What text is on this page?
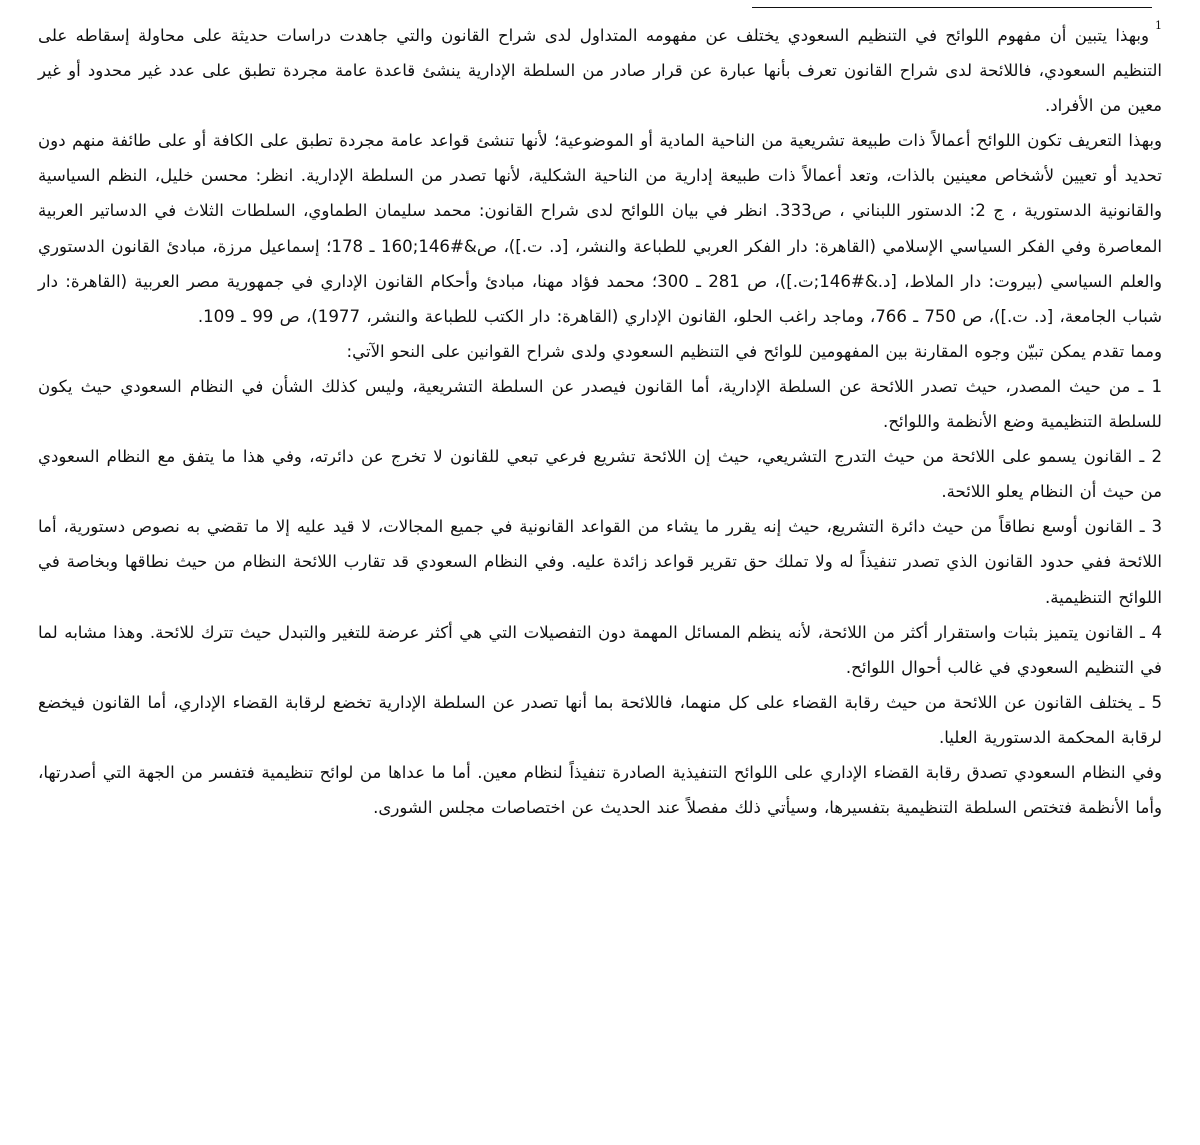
1وبهذا يتبين أن مفهوم اللوائح في التنظيم السعودي يختلف عن مفهومه المتداول لدى شراح القانون والتي جاهدت دراسات حديثة على محاولة إسقاطه على التنظيم السعودي، فاللائحة لدى شراح القانون تعرف بأنها عبارة عن قرار صادر من السلطة الإدارية ينشئ قاعدة عامة مجردة تطبق على عدد غير محدود أو غير معين من الأفراد.

وبهذا التعريف تكون اللوائح أعمالاً ذات طبيعة تشريعية من الناحية المادية أو الموضوعية؛ لأنها تنشئ قواعد عامة مجردة تطبق على الكافة أو على طائفة منهم دون تحديد أو تعيين لأشخاص معينين بالذات، وتعد أعمالاً ذات طبيعة إدارية من الناحية الشكلية، لأنها تصدر من السلطة الإدارية. انظر: محسن خليل، النظم السياسية والقانونية الدستورية ، ج 2: الدستور اللبناني ، ص333. انظر في بيان اللوائح لدى شراح القانون: محمد سليمان الطماوي، السلطات الثلاث في الدساتير العربية المعاصرة وفي الفكر السياسي الإسلامي (القاهرة: دار الفكر العربي للطباعة والنشر، [د. ت.])، ص&#146;160 ـ 178؛ إسماعيل مرزة، مبادئ القانون الدستوري والعلم السياسي (بيروت: دار الملاط، [د.&#146;ت.])، ص 281 ـ 300؛ محمد فؤاد مهنا، مبادئ وأحكام القانون الإداري في جمهورية مصر العربية (القاهرة: دار شباب الجامعة، [د. ت.])، ص 750 ـ 766، وماجد راغب الحلو، القانون الإداري (القاهرة: دار الكتب للطباعة والنشر، 1977)، ص 99 ـ 109.

ومما تقدم يمكن تبيّن وجوه المقارنة بين المفهومين للوائح في التنظيم السعودي ولدى شراح القوانين على النحو الآتي:

1 ـ من حيث المصدر، حيث تصدر اللائحة عن السلطة الإدارية، أما القانون فيصدر عن السلطة التشريعية، وليس كذلك الشأن في النظام السعودي حيث يكون للسلطة التنظيمية وضع الأنظمة واللوائح.

2 ـ القانون يسمو على اللائحة من حيث التدرج التشريعي، حيث إن اللائحة تشريع فرعي تبعي للقانون لا تخرج عن دائرته، وفي هذا ما يتفق مع النظام السعودي من حيث أن النظام يعلو اللائحة.

3 ـ القانون أوسع نطاقاً من حيث دائرة التشريع، حيث إنه يقرر ما يشاء من القواعد القانونية في جميع المجالات، لا قيد عليه إلا ما تقضي به نصوص دستورية، أما اللائحة ففي حدود القانون الذي تصدر تنفيذاً له ولا تملك حق تقرير قواعد زائدة عليه. وفي النظام السعودي قد تقارب اللائحة النظام من حيث نطاقها وبخاصة في اللوائح التنظيمية.

4 ـ القانون يتميز بثبات واستقرار أكثر من اللائحة، لأنه ينظم المسائل المهمة دون التفصيلات التي هي أكثر عرضة للتغير والتبدل حيث تترك للائحة. وهذا مشابه لما في التنظيم السعودي في غالب أحوال اللوائح.

5 ـ يختلف القانون عن اللائحة من حيث رقابة القضاء على كل منهما، فاللائحة بما أنها تصدر عن السلطة الإدارية تخضع لرقابة القضاء الإداري، أما القانون فيخضع لرقابة المحكمة الدستورية العليا.

وفي النظام السعودي تصدق رقابة القضاء الإداري على اللوائح التنفيذية الصادرة تنفيذاً لنظام معين. أما ما عداها من لوائح تنظيمية فتفسر من الجهة التي أصدرتها، وأما الأنظمة فتختص السلطة التنظيمية بتفسيرها، وسيأتي ذلك مفصلاً عند الحديث عن اختصاصات مجلس الشورى.
